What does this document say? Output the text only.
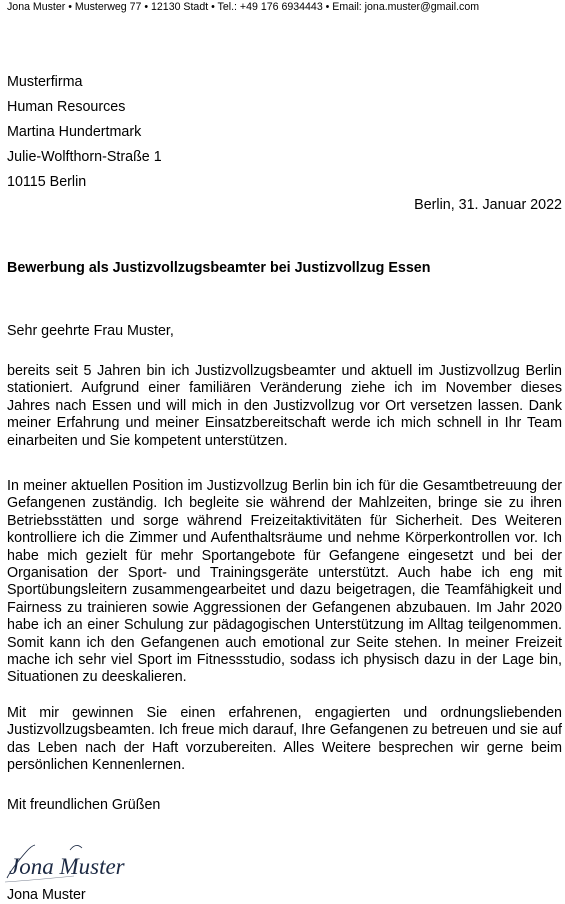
Jona Muster • Musterweg 77 • 12130 Stadt • Tel.: +49 176 6934443 • Email: jona.muster@gmail.com
Musterfirma
Human Resources
Martina Hundertmark
Julie-Wolfthorn-Straße 1
10115 Berlin
Berlin, 31. Januar 2022
Bewerbung als Justizvollzugsbeamter bei Justizvollzug Essen
Sehr geehrte Frau Muster,
bereits seit 5 Jahren bin ich Justizvollzugsbeamter und aktuell im Justizvollzug Berlin stationiert. Aufgrund einer familiären Veränderung ziehe ich im November dieses Jahres nach Essen und will mich in den Justizvollzug vor Ort versetzen lassen. Dank meiner Erfahrung und meiner Einsatzbereitschaft werde ich mich schnell in Ihr Team einarbeiten und Sie kompetent unterstützen.
In meiner aktuellen Position im Justizvollzug Berlin bin ich für die Gesamtbetreuung der Gefangenen zuständig. Ich begleite sie während der Mahlzeiten, bringe sie zu ihren Betriebsstätten und sorge während Freizeitaktivitäten für Sicherheit. Des Weiteren kontrolliere ich die Zimmer und Aufenthaltsräume und nehme Körperkontrollen vor. Ich habe mich gezielt für mehr Sportangebote für Gefangene eingesetzt und bei der Organisation der Sport- und Trainingsgeräte unterstützt. Auch habe ich eng mit Sportübungsleitern zusammengearbeitet und dazu beigetragen, die Teamfähigkeit und Fairness zu trainieren sowie Aggressionen der Gefangenen abzubauen. Im Jahr 2020 habe ich an einer Schulung zur pädagogischen Unterstützung im Alltag teilgenommen. Somit kann ich den Gefangenen auch emotional zur Seite stehen. In meiner Freizeit mache ich sehr viel Sport im Fitnessstudio, sodass ich physisch dazu in der Lage bin, Situationen zu deeskalieren.
Mit mir gewinnen Sie einen erfahrenen, engagierten und ordnungsliebenden Justizvollzugsbeamten. Ich freue mich darauf, Ihre Gefangenen zu betreuen und sie auf das Leben nach der Haft vorzubereiten. Alles Weitere besprechen wir gerne beim persönlichen Kennenlernen.
Mit freundlichen Grüßen
Jona Muster
Jona Muster
